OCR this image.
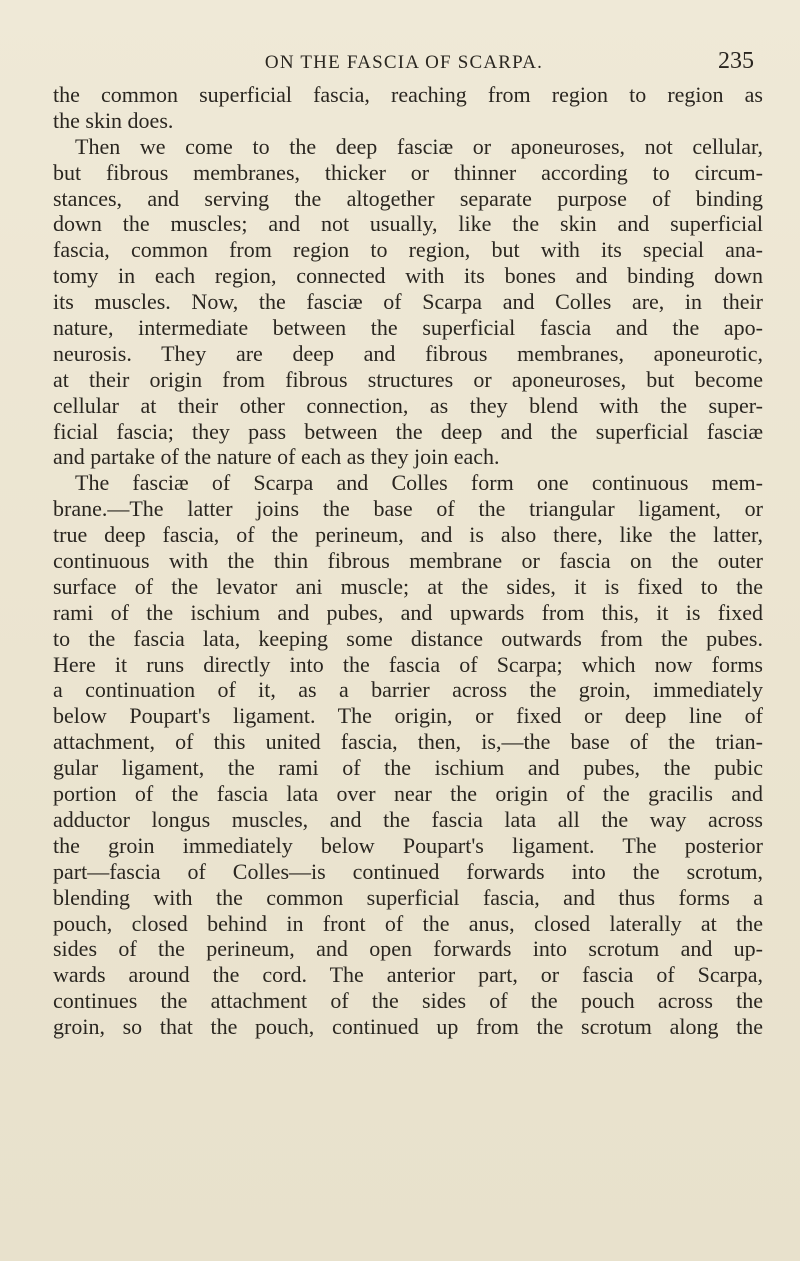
ON THE FASCIA OF SCARPA.	235
the common superficial fascia, reaching from region to region as
the skin does.
Then we come to the deep fasciæ or aponeuroses, not cellular,
but fibrous membranes, thicker or thinner according to circum-
stances, and serving the altogether separate purpose of binding
down the muscles; and not usually, like the skin and superficial
fascia, common from region to region, but with its special ana-
tomy in each region, connected with its bones and binding down
its muscles. Now, the fasciæ of Scarpa and Colles are, in their
nature, intermediate between the superficial fascia and the apo-
neurosis. They are deep and fibrous membranes, aponeurotic,
at their origin from fibrous structures or aponeuroses, but become
cellular at their other connection, as they blend with the super-
ficial fascia; they pass between the deep and the superficial fasciæ
and partake of the nature of each as they join each.
The fasciæ of Scarpa and Colles form one continuous mem-
brane.—The latter joins the base of the triangular ligament, or
true deep fascia, of the perineum, and is also there, like the latter,
continuous with the thin fibrous membrane or fascia on the outer
surface of the levator ani muscle; at the sides, it is fixed to the
rami of the ischium and pubes, and upwards from this, it is fixed
to the fascia lata, keeping some distance outwards from the pubes.
Here it runs directly into the fascia of Scarpa; which now forms
a continuation of it, as a barrier across the groin, immediately
below Poupart's ligament. The origin, or fixed or deep line of
attachment, of this united fascia, then, is,—the base of the trian-
gular ligament, the rami of the ischium and pubes, the pubic
portion of the fascia lata over near the origin of the gracilis and
adductor longus muscles, and the fascia lata all the way across
the groin immediately below Poupart's ligament. The posterior
part—fascia of Colles—is continued forwards into the scrotum,
blending with the common superficial fascia, and thus forms a
pouch, closed behind in front of the anus, closed laterally at the
sides of the perineum, and open forwards into scrotum and up-
wards around the cord. The anterior part, or fascia of Scarpa,
continues the attachment of the sides of the pouch across the
groin, so that the pouch, continued up from the scrotum along the
